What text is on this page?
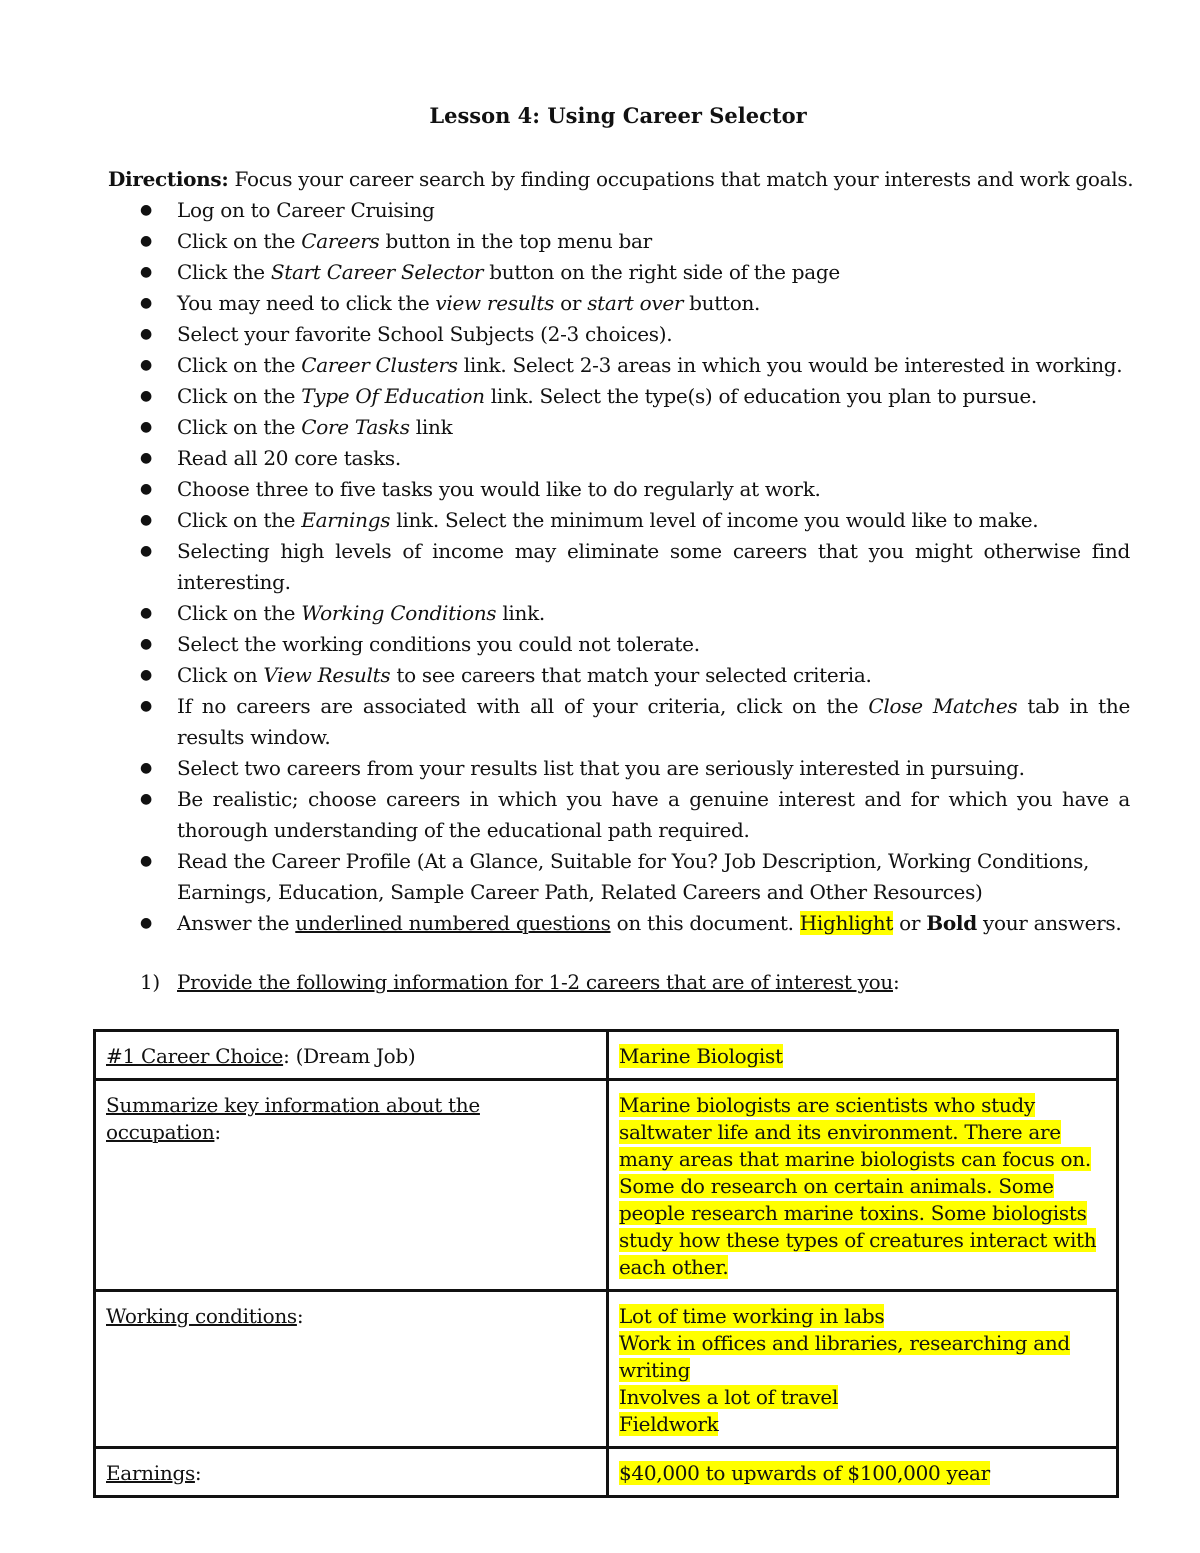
Lesson 4: Using Career Selector
Directions: Focus your career search by finding occupations that match your interests and work goals.
● Log on to Career Cruising
● Click on the Careers button in the top menu bar
● Click the Start Career Selector button on the right side of the page
● You may need to click the view results or start over button.
● Select your favorite School Subjects (2-3 choices).
● Click on the Career Clusters link. Select 2-3 areas in which you would be interested in working.
● Click on the Type Of Education link. Select the type(s) of education you plan to pursue.
● Click on the Core Tasks link
● Read all 20 core tasks.
● Choose three to five tasks you would like to do regularly at work.
● Click on the Earnings link. Select the minimum level of income you would like to make.
● Selecting high levels of income may eliminate some careers that you might otherwise find interesting.
● Click on the Working Conditions link.
● Select the working conditions you could not tolerate.
● Click on View Results to see careers that match your selected criteria.
● If no careers are associated with all of your criteria, click on the Close Matches tab in the results window.
● Select two careers from your results list that you are seriously interested in pursuing.
● Be realistic; choose careers in which you have a genuine interest and for which you have a thorough understanding of the educational path required.
● Read the Career Profile (At a Glance, Suitable for You? Job Description, Working Conditions, Earnings, Education, Sample Career Path, Related Careers and Other Resources)
● Answer the underlined numbered questions on this document. Highlight or Bold your answers.
1) Provide the following information for 1-2 careers that are of interest you:
#1 Career Choice: (Dream Job)	Marine Biologist
Summarize key information about the occupation:	Marine biologists are scientists who study saltwater life and its environment. There are many areas that marine biologists can focus on. Some do research on certain animals. Some people research marine toxins. Some biologists study how these types of creatures interact with each other.
Working conditions:	Lot of time working in labs
Work in offices and libraries, researching and writing
Involves a lot of travel
Fieldwork
Earnings:	$40,000 to upwards of $100,000 year
